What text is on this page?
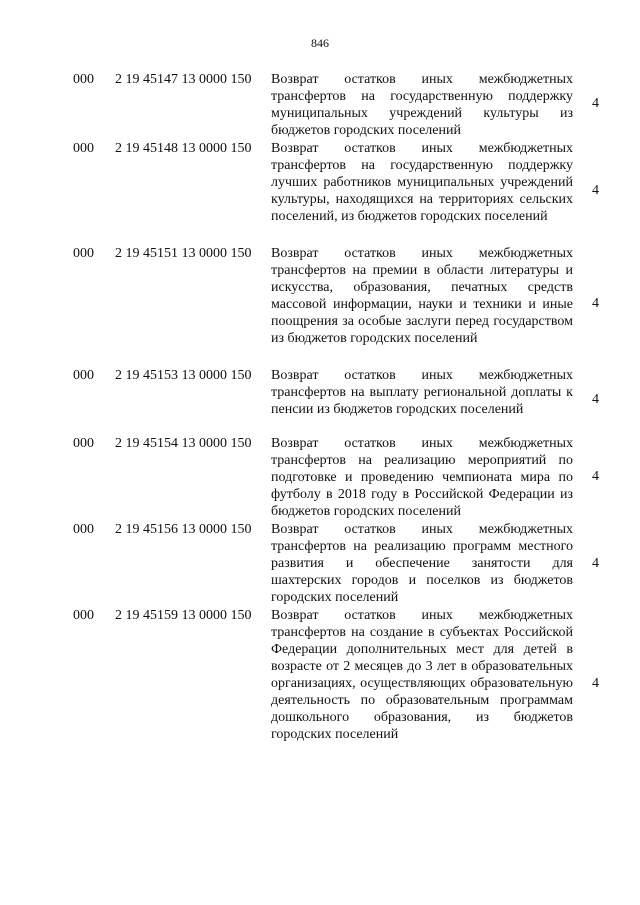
846
000 2 19 45147 13 0000 150 Возврат остатков иных межбюджетных трансфертов на государственную поддержку муниципальных учреждений культуры из бюджетов городских поселений
4
000 2 19 45148 13 0000 150 Возврат остатков иных межбюджетных трансфертов на государственную поддержку лучших работников муниципальных учреждений культуры, находящихся на территориях сельских поселений, из бюджетов городских поселений
4
000 2 19 45151 13 0000 150 Возврат остатков иных межбюджетных трансфертов на премии в области литературы и искусства, образования, печатных средств массовой информации, науки и техники и иные поощрения за особые заслуги перед государством из бюджетов городских поселений
4
000 2 19 45153 13 0000 150 Возврат остатков иных межбюджетных трансфертов на выплату региональной доплаты к пенсии из бюджетов городских поселений
4
000 2 19 45154 13 0000 150 Возврат остатков иных межбюджетных трансфертов на реализацию мероприятий по подготовке и проведению чемпионата мира по футболу в 2018 году в Российской Федерации из бюджетов городских поселений
4
000 2 19 45156 13 0000 150 Возврат остатков иных межбюджетных трансфертов на реализацию программ местного развития и обеспечение занятости для шахтерских городов и поселков из бюджетов городских поселений
4
000 2 19 45159 13 0000 150 Возврат остатков иных межбюджетных трансфертов на создание в субъектах Российской Федерации дополнительных мест для детей в возрасте от 2 месяцев до 3 лет в образовательных организациях, осуществляющих образовательную деятельность по образовательным программам дошкольного образования, из бюджетов городских поселений
4
